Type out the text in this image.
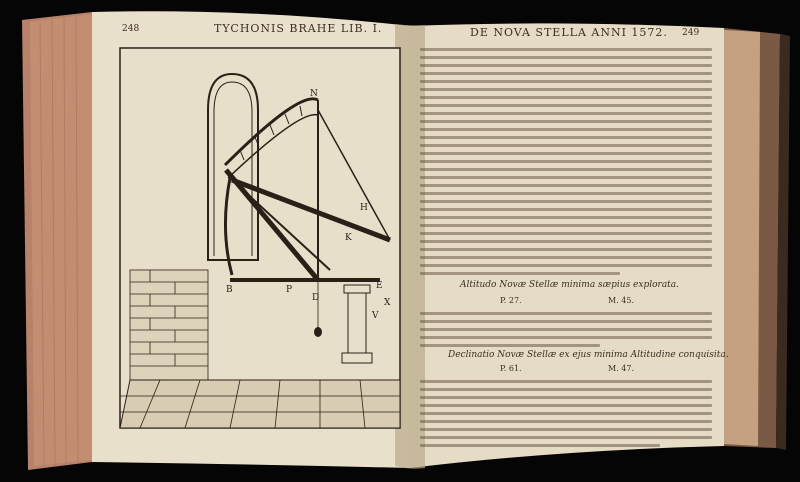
N
H
K
B	P	E
V
X
D
248	TYCHONIS BRAHE LIB. I.	DE NOVA STELLA ANNI 1572. 249
Altitudo Novæ Stellæ minima sæpius explorata.
P. 27.	M. 45.
Declinatio Novæ Stellæ ex ejus minima Altitudine conquisita.
P. 61.	M. 47.
